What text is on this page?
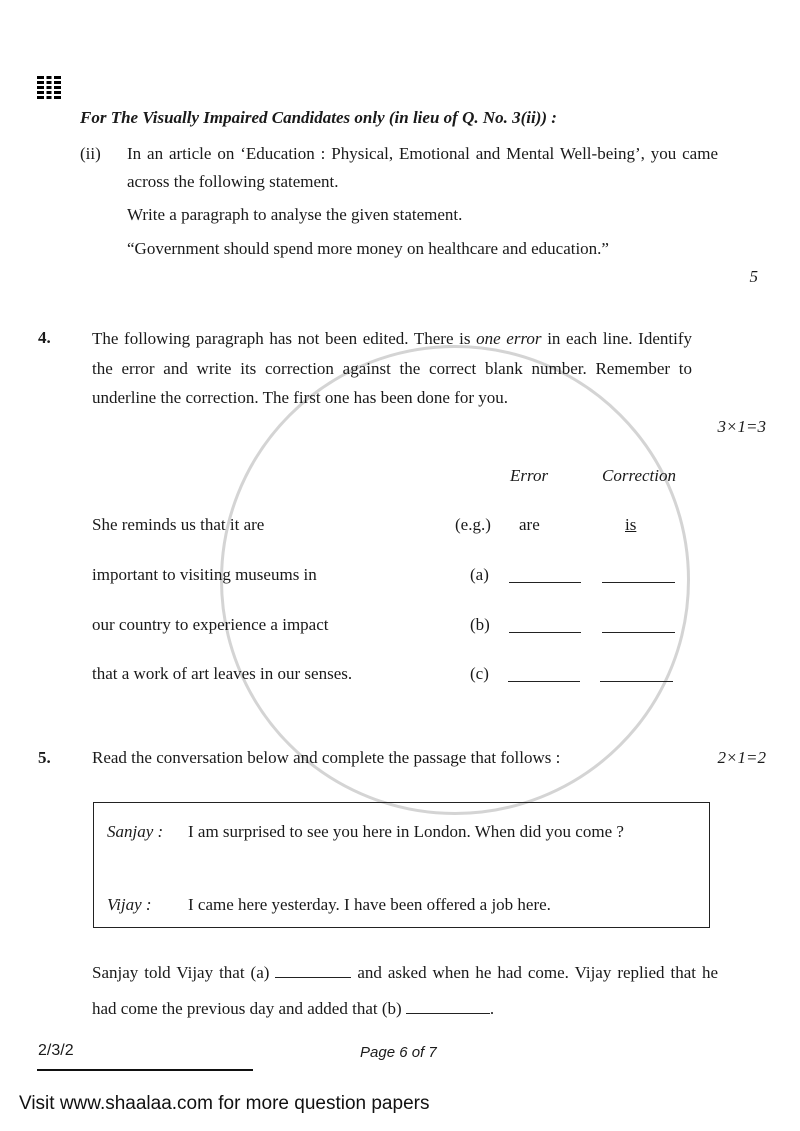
For The Visually Impaired Candidates only (in lieu of Q. No. 3(ii)) :
(ii) In an article on ‘Education : Physical, Emotional and Mental Well-being’, you came across the following statement.
Write a paragraph to analyse the given statement.
“Government should spend more money on healthcare and education.”
5
4. The following paragraph has not been edited. There is one error in each line. Identify the error and write its correction against the correct blank number. Remember to underline the correction. The first one has been done for you.
3×1=3
Error	Correction
She reminds us that it are	(e.g.) are	is
important to visiting museums in	(a)
our country to experience a impact	(b)
that a work of art leaves in our senses.	(c)
5. Read the conversation below and complete the passage that follows :	2×1=2
Sanjay : I am surprised to see you here in London. When did you come ?
Vijay : I came here yesterday. I have been offered a job here.
Sanjay told Vijay that (a)	and asked when he had come. Vijay replied that he had come the previous day and added that (b)	.
2/3/2	Page 6 of 7
Visit www.shaalaa.com for more question papers
